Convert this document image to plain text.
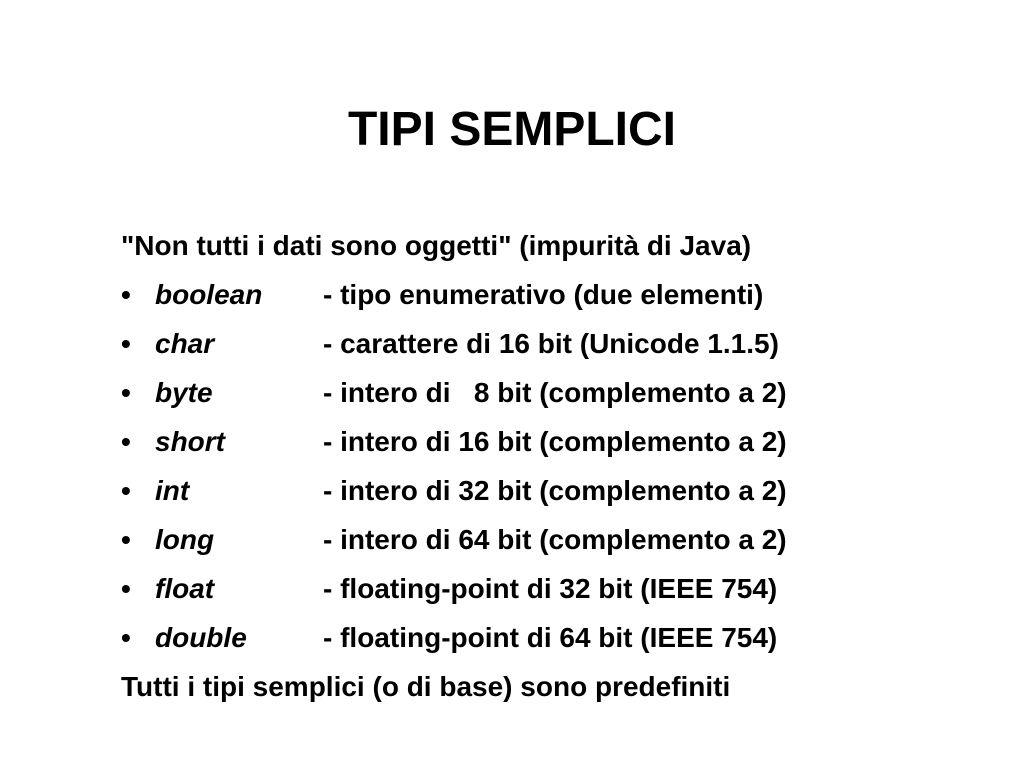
TIPI SEMPLICI
"Non tutti i dati sono oggetti" (impurità di Java)
• boolean - tipo enumerativo (due elementi)
• char	- carattere di 16 bit (Unicode 1.1.5)
• byte	- intero di   8 bit (complemento a 2)
• short	- intero di 16 bit (complemento a 2)
• int	- intero di 32 bit (complemento a 2)
• long	- intero di 64 bit (complemento a 2)
• float	- floating-point di 32 bit (IEEE 754)
• double	- floating-point di 64 bit (IEEE 754)
Tutti i tipi semplici (o di base) sono predefiniti
